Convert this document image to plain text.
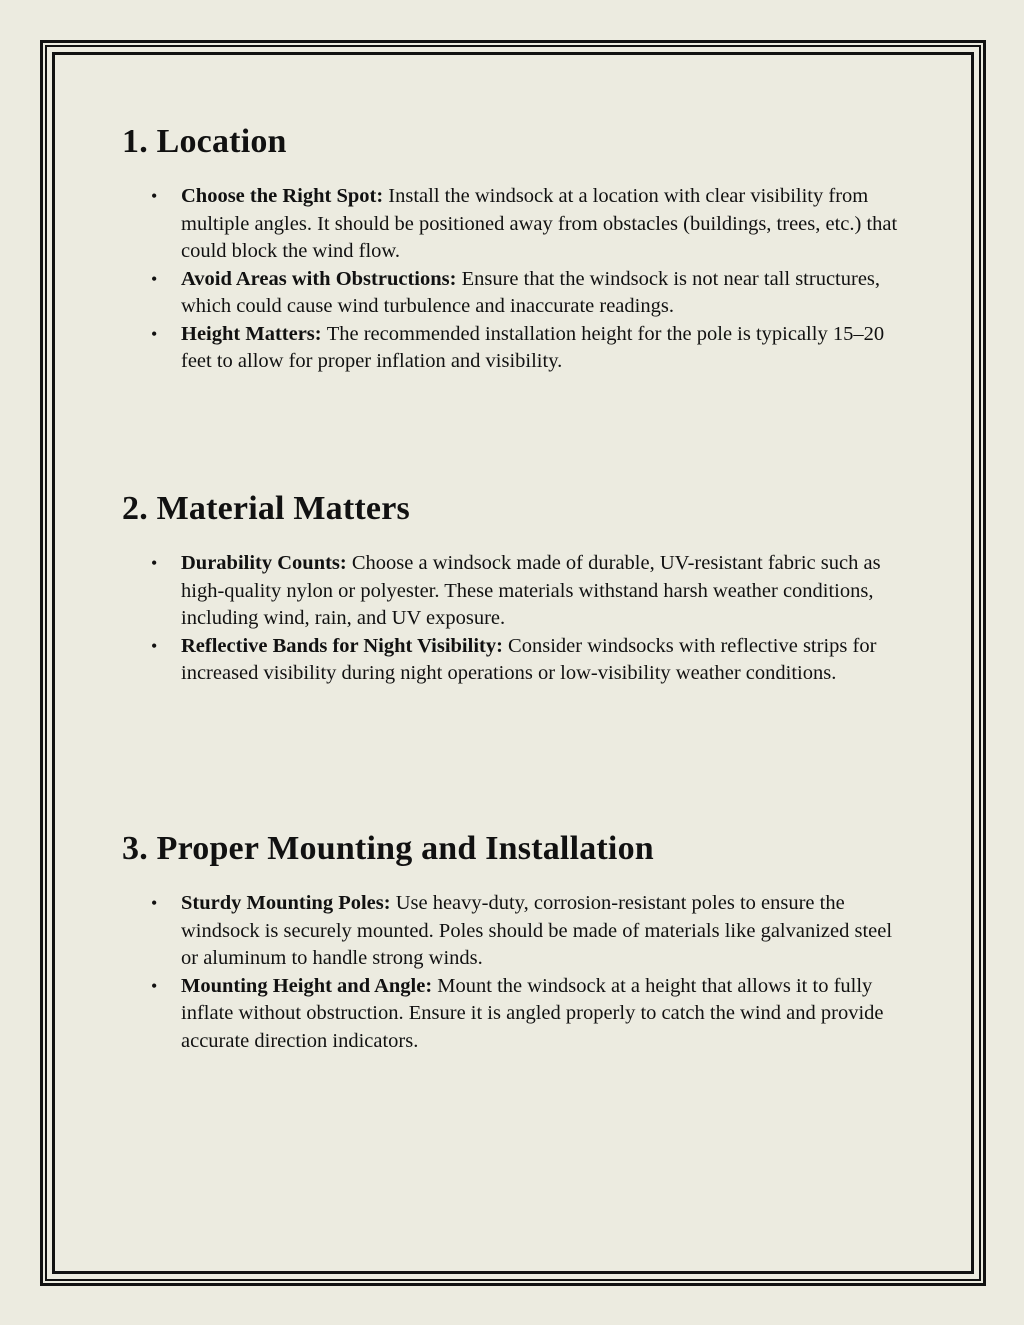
1. Location
• Choose the Right Spot: Install the windsock at a location with clear visibility from multiple angles. It should be positioned away from obstacles (buildings, trees, etc.) that could block the wind flow.
• Avoid Areas with Obstructions: Ensure that the windsock is not near tall structures, which could cause wind turbulence and inaccurate readings.
• Height Matters: The recommended installation height for the pole is typically 15–20 feet to allow for proper inflation and visibility.
2. Material Matters
• Durability Counts: Choose a windsock made of durable, UV-resistant fabric such as high-quality nylon or polyester. These materials withstand harsh weather conditions, including wind, rain, and UV exposure.
• Reflective Bands for Night Visibility: Consider windsocks with reflective strips for increased visibility during night operations or low-visibility weather conditions.
3. Proper Mounting and Installation
• Sturdy Mounting Poles: Use heavy-duty, corrosion-resistant poles to ensure the windsock is securely mounted. Poles should be made of materials like galvanized steel or aluminum to handle strong winds.
• Mounting Height and Angle: Mount the windsock at a height that allows it to fully inflate without obstruction. Ensure it is angled properly to catch the wind and provide accurate direction indicators.
